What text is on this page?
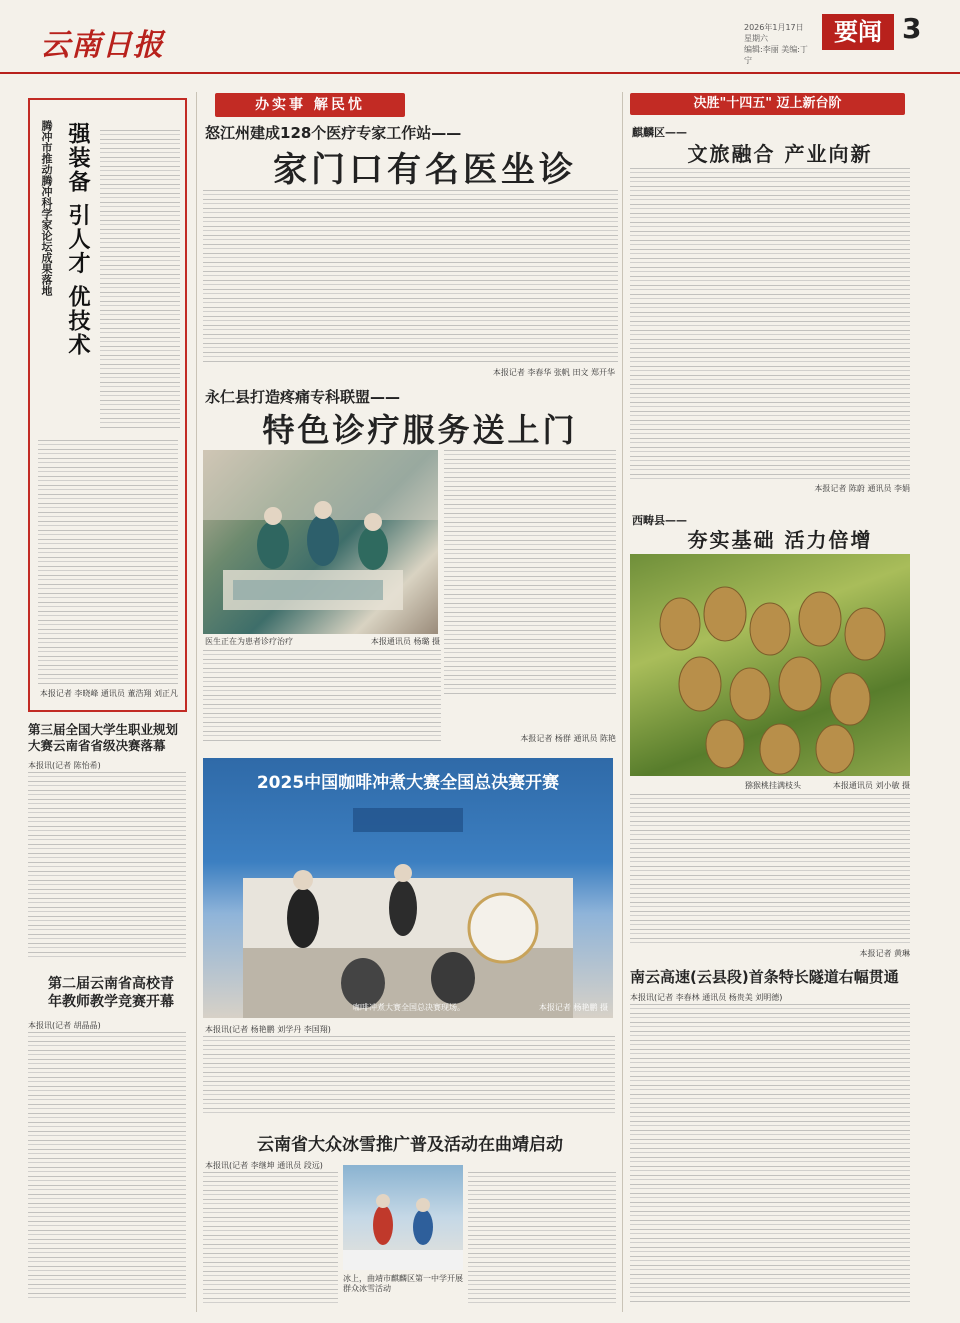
云南日报
2026年1月17日 星期六
编辑:李丽 美编:丁宁
要闻 3
强装备 引人才 优技术
腾冲市推动腾冲科学家论坛成果落地
本报记者 李晓峰 通讯员 董浩翔 刘正凡
第三届全国大学生职业规划大赛云南省省级决赛落幕
本报讯(记者 陈怡希)
第二届云南省高校青年教师教学竞赛开幕
本报讯(记者 胡晶晶)
办实事 解民忧
怒江州建成128个医疗专家工作站——
家门口有名医坐诊
本报记者 李春华 张帆 田文 郑开华
永仁县打造疼痛专科联盟——
特色诊疗服务送上门
医生正在为患者诊疗治疗	本报通讯员 杨璐 摄
本报记者 杨群 通讯员 陈艳
2025中国咖啡冲煮大赛全国总决赛开赛
咖啡冲煮大赛全国总决赛现场。	本报记者 杨艳鹏 摄
本报讯(记者 杨艳鹏 刘学丹 李国翔)
云南省大众冰雪推广普及活动在曲靖启动
本报讯(记者 李继坤 通讯员 段远)
冰上，曲靖市麒麟区第一中学开展群众冰雪活动
决胜"十四五" 迈上新台阶
麒麟区——
文旅融合 产业向新
本报记者 陈蔚 通讯员 李娟
西畴县——
夯实基础 活力倍增
猕猴桃挂满枝头	本报通讯员 刘小敏 摄
本报记者 黄琳
南云高速(云县段)首条特长隧道右幅贯通
本报讯(记者 李春林 通讯员 杨贵美 刘明德)
